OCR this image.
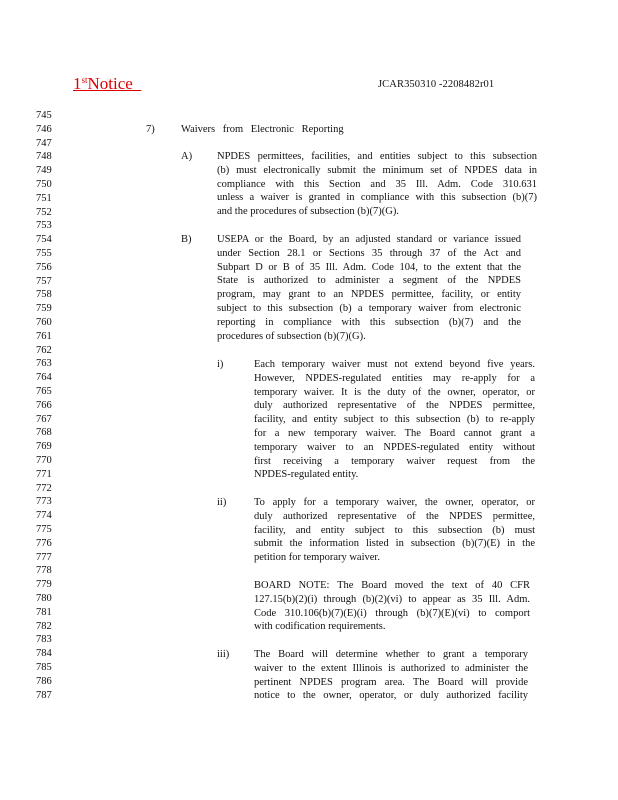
1stNotice	JCAR350310 -2208482r01
745
746
747
748
749
750
751
752
753
754
755
756
757
758
759
760
761
762
763
764
765
766
767
768
769
770
771
772
773
774
775
776
777
778
779
780
781
782
783
784
785
786
787
7)	Waivers from Electronic Reporting
A) NPDES permittees, facilities, and entities subject to this subsection
(b) must electronically submit the minimum set of NPDES data in
compliance with this Section and 35 Ill. Adm. Code 310.631
unless a waiver is granted in compliance with this subsection (b)(7)
and the procedures of subsection (b)(7)(G).
B) USEPA or the Board, by an adjusted standard or variance issued
under Section 28.1 or Sections 35 through 37 of the Act and
Subpart D or B of 35 Ill. Adm. Code 104, to the extent that the
State is authorized to administer a segment of the NPDES
program, may grant to an NPDES permittee, facility, or entity
subject to this subsection (b) a temporary waiver from electronic
reporting in compliance with this subsection (b)(7) and the
procedures of subsection (b)(7)(G).
i)	Each temporary waiver must not extend beyond five years.
However, NPDES-regulated entities may re-apply for a
temporary waiver. It is the duty of the owner, operator, or
duly authorized representative of the NPDES permittee,
facility, and entity subject to this subsection (b) to re-apply
for a new temporary waiver. The Board cannot grant a
temporary waiver to an NPDES-regulated entity without
first receiving a temporary waiver request from the
NPDES-regulated entity.
ii)	To apply for a temporary waiver, the owner, operator, or
duly authorized representative of the NPDES permittee,
facility, and entity subject to this subsection (b) must
submit the information listed in subsection (b)(7)(E) in the
petition for temporary waiver.
BOARD NOTE: The Board moved the text of 40 CFR
127.15(b)(2)(i) through (b)(2)(vi) to appear as 35 Ill. Adm.
Code 310.106(b)(7)(E)(i) through (b)(7)(E)(vi) to comport
with codification requirements.
iii) The Board will determine whether to grant a temporary
waiver to the extent Illinois is authorized to administer the
pertinent NPDES program area. The Board will provide
notice to the owner, operator, or duly authorized facility
